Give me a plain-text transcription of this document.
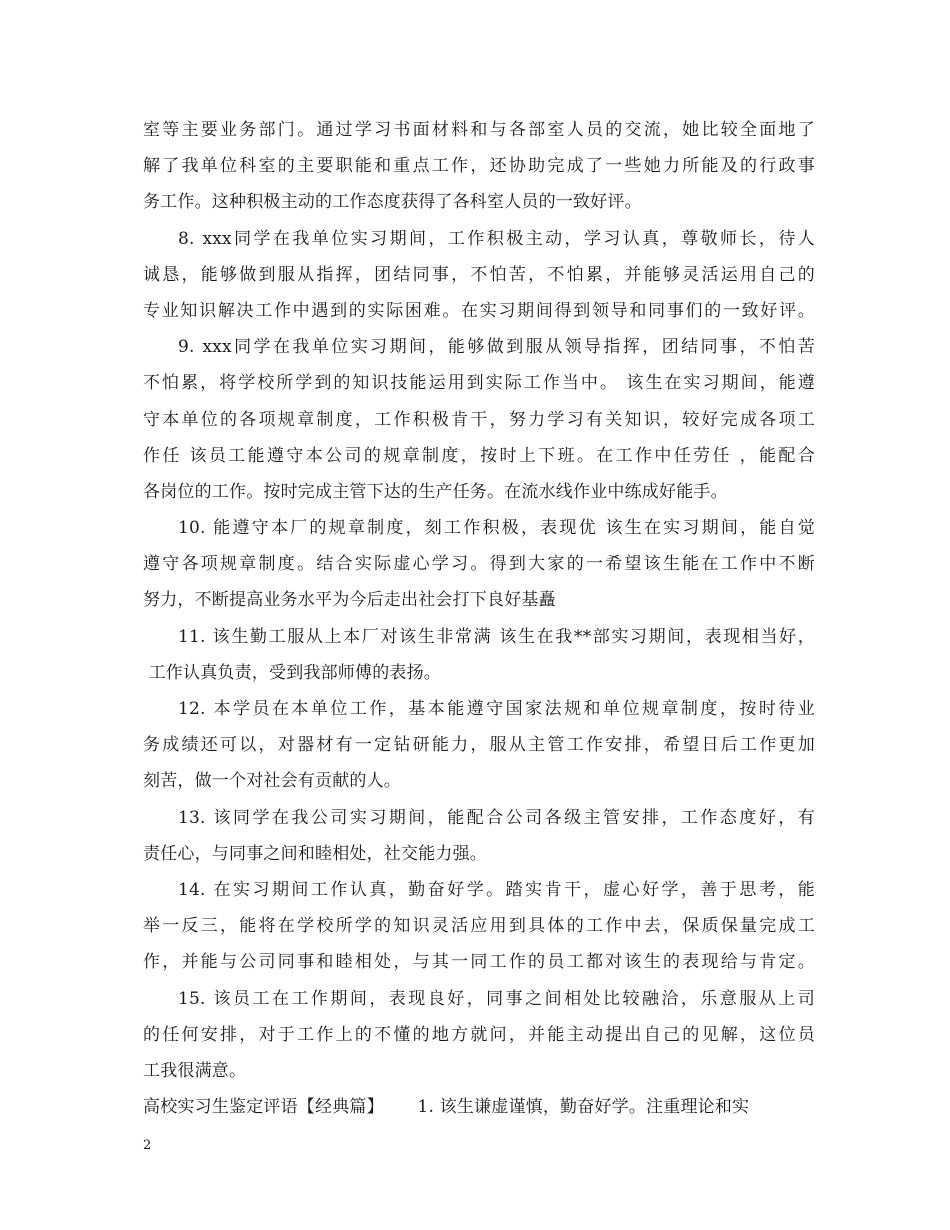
室等主要业务部门。通过学习书面材料和与各部室人员的交流，她比较全面地了
解了我单位科室的主要职能和重点工作，还协助完成了一些她力所能及的行政事
务工作。这种积极主动的工作态度获得了各科室人员的一致好评。
8. xxx同学在我单位实习期间，工作积极主动，学习认真，尊敬师长，待人
诚恳，能够做到服从指挥，团结同事，不怕苦，不怕累，并能够灵活运用自己的
专业知识解决工作中遇到的实际困难。在实习期间得到领导和同事们的一致好评。
9. xxx同学在我单位实习期间，能够做到服从领导指挥，团结同事，不怕苦
不怕累，将学校所学到的知识技能运用到实际工作当中。 该生在实习期间，能遵
守本单位的各项规章制度，工作积极肯干，努力学习有关知识，较好完成各项工
作任 该员工能遵守本公司的规章制度，按时上下班。在工作中任劳任 ，能配合
各岗位的工作。按时完成主管下达的生产任务。在流水线作业中练成好能手。
10. 能遵守本厂的规章制度，刻工作积极，表现优 该生在实习期间，能自觉
遵守各项规章制度。结合实际虚心学习。得到大家的一希望该生能在工作中不断
努力，不断提高业务水平为今后走出社会打下良好基矗
11. 该生勤工服从上本厂对该生非常满 该生在我**部实习期间，表现相当好，
工作认真负责，受到我部师傅的表扬。
12. 本学员在本单位工作，基本能遵守国家法规和单位规章制度，按时待业
务成绩还可以，对器材有一定钻研能力，服从主管工作安排，希望日后工作更加
刻苦，做一个对社会有贡献的人。
13. 该同学在我公司实习期间，能配合公司各级主管安排，工作态度好，有
责任心，与同事之间和睦相处，社交能力强。
14. 在实习期间工作认真，勤奋好学。踏实肯干，虚心好学，善于思考，能
举一反三，能将在学校所学的知识灵活应用到具体的工作中去，保质保量完成工
作，并能与公司同事和睦相处，与其一同工作的员工都对该生的表现给与肯定。
15. 该员工在工作期间，表现良好，同事之间相处比较融洽，乐意服从上司
的任何安排，对于工作上的不懂的地方就问，并能主动提出自己的见解，这位员
工我很满意。
高校实习生鉴定评语【经典篇】      1. 该生谦虚谨慎，勤奋好学。注重理论和实
2
